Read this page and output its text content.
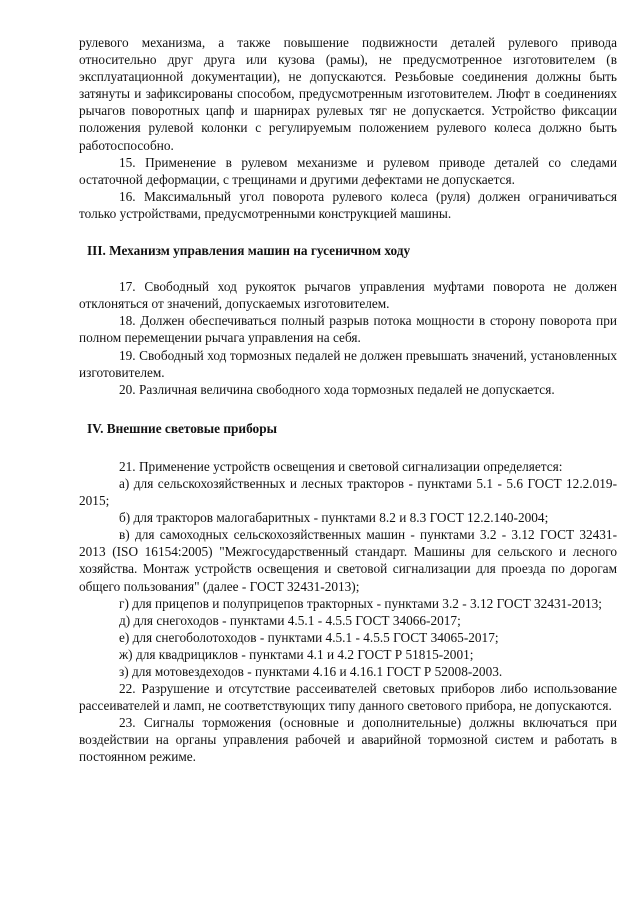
рулевого механизма, а также повышение подвижности деталей рулевого привода относительно друг друга или кузова (рамы), не предусмотренное изготовителем (в эксплуатационной документации), не допускаются. Резьбовые соединения должны быть затянуты и зафиксированы способом, предусмотренным изготовителем. Люфт в соединениях рычагов поворотных цапф и шарнирах рулевых тяг не допускается. Устройство фиксации положения рулевой колонки с регулируемым положением рулевого колеса должно быть работоспособно.

15. Применение в рулевом механизме и рулевом приводе деталей со следами остаточной деформации, с трещинами и другими дефектами не допускается.

16. Максимальный угол поворота рулевого колеса (руля) должен ограничиваться только устройствами, предусмотренными конструкцией машины.

III. Механизм управления машин на гусеничном ходу

17. Свободный ход рукояток рычагов управления муфтами поворота не должен отклоняться от значений, допускаемых изготовителем.

18. Должен обеспечиваться полный разрыв потока мощности в сторону поворота при полном перемещении рычага управления на себя.

19. Свободный ход тормозных педалей не должен превышать значений, установленных изготовителем.

20. Различная величина свободного хода тормозных педалей не допускается.

IV. Внешние световые приборы

21. Применение устройств освещения и световой сигнализации определяется:

а) для сельскохозяйственных и лесных тракторов - пунктами 5.1 - 5.6 ГОСТ 12.2.019-2015;

б) для тракторов малогабаритных - пунктами 8.2 и 8.3 ГОСТ 12.2.140-2004;

в) для самоходных сельскохозяйственных машин - пунктами 3.2 - 3.12 ГОСТ 32431-2013 (ISO 16154:2005) "Межгосударственный стандарт. Машины для сельского и лесного хозяйства. Монтаж устройств освещения и световой сигнализации для проезда по дорогам общего пользования" (далее - ГОСТ 32431-2013);

г) для прицепов и полуприцепов тракторных - пунктами 3.2 - 3.12 ГОСТ 32431-2013;

д) для снегоходов - пунктами 4.5.1 - 4.5.5 ГОСТ 34066-2017;

е) для снегоболотоходов - пунктами 4.5.1 - 4.5.5 ГОСТ 34065-2017;

ж) для квадрициклов - пунктами 4.1 и 4.2 ГОСТ Р 51815-2001;

з) для мотовездеходов - пунктами 4.16 и 4.16.1 ГОСТ Р 52008-2003.

22. Разрушение и отсутствие рассеивателей световых приборов либо использование рассеивателей и ламп, не соответствующих типу данного светового прибора, не допускаются.

23. Сигналы торможения (основные и дополнительные) должны включаться при воздействии на органы управления рабочей и аварийной тормозной систем и работать в постоянном режиме.
